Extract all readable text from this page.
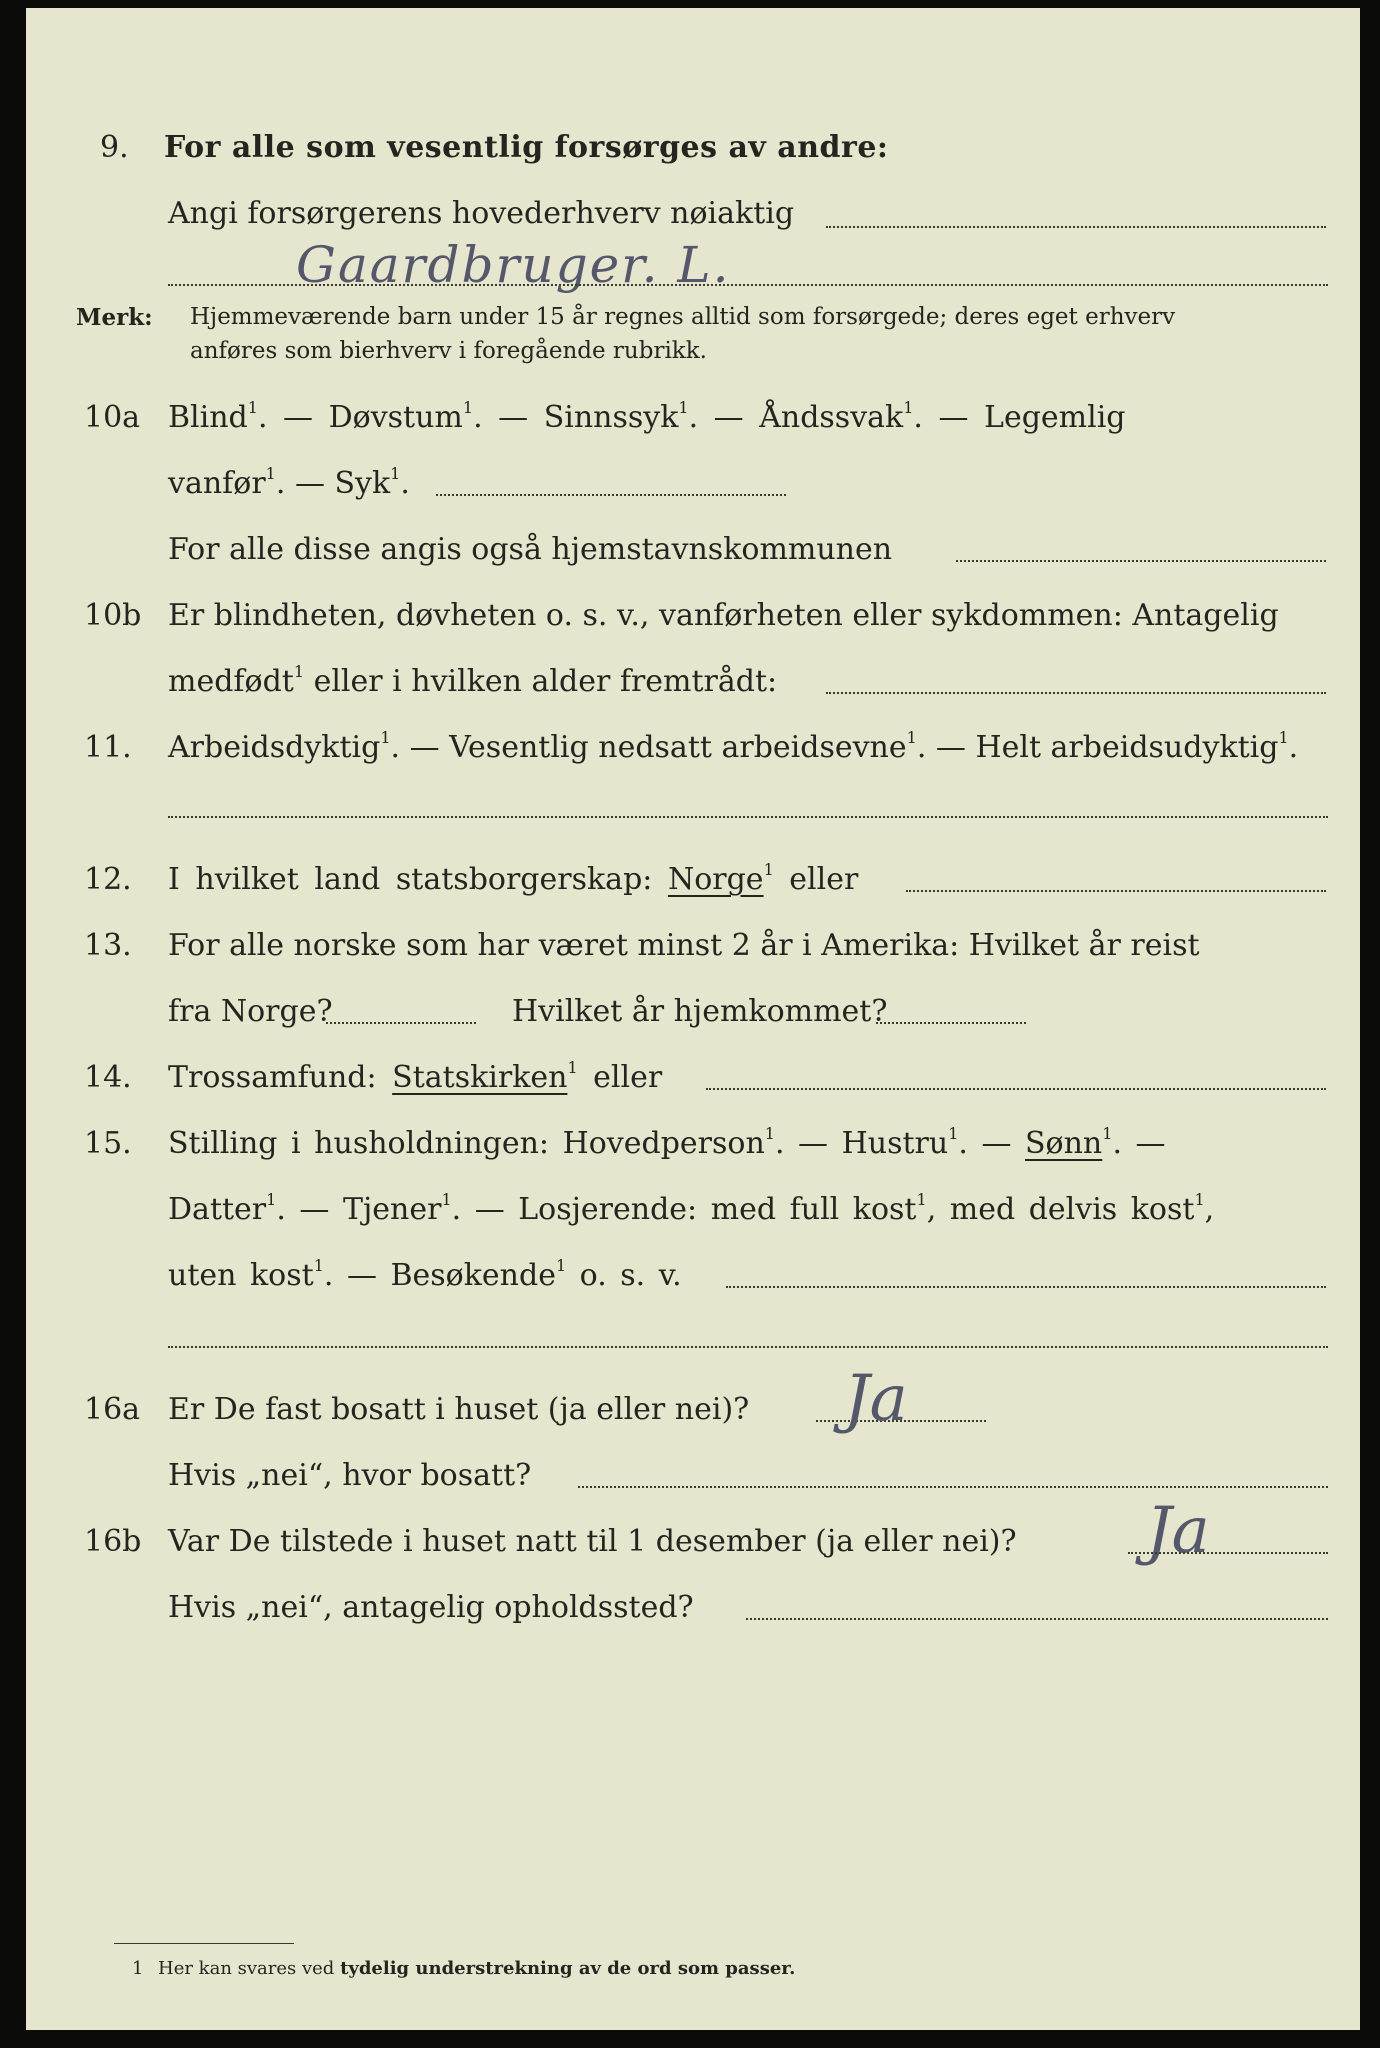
9. For alle som vesentlig forsørges av andre:
Angi forsørgerens hovederhverv nøiaktig
Gaardbruger. L.
Merk: Hjemmeværende barn under 15 år regnes alltid som forsørgede; deres eget erhverv
anføres som bierhverv i foregående rubrikk.
10a Blind$^1$. — Døvstum$^1$. — Sinnssyk$^1$. — Åndssvak$^1$. — Legemlig
vanfør$^1$. — Syk$^1$.
For alle disse angis også hjemstavnskommunen
10b Er blindheten, døvheten o. s. v., vanførheten eller sykdommen: Antagelig
medfødt$^1$ eller i hvilken alder fremtrådt:
11. Arbeidsdyktig$^1$. — Vesentlig nedsatt arbeidsevne$^1$. — Helt arbeidsudyktig$^1$.
12. I hvilket land statsborgerskap: Norge$^1$ eller
13. For alle norske som har været minst 2 år i Amerika: Hvilket år reist
fra Norge?	Hvilket år hjemkommet?
14. Trossamfund: Statskirken$^1$ eller
15. Stilling i husholdningen: Hovedperson$^1$. — Hustru$^1$. — Sønn$^1$. —
Datter$^1$. — Tjener$^1$. — Losjerende: med full kost$^1$, med delvis kost$^1$,
uten kost$^1$. — Besøkende$^1$ o. s. v.
16a Er De fast bosatt i huset (ja eller nei)? Ja
Hvis „nei“, hvor bosatt?
16b Var De tilstede i huset natt til 1 desember (ja eller nei)? Ja
Hvis „nei“, antagelig opholdssted?
1 Her kan svares ved tydelig understrekning av de ord som passer.
